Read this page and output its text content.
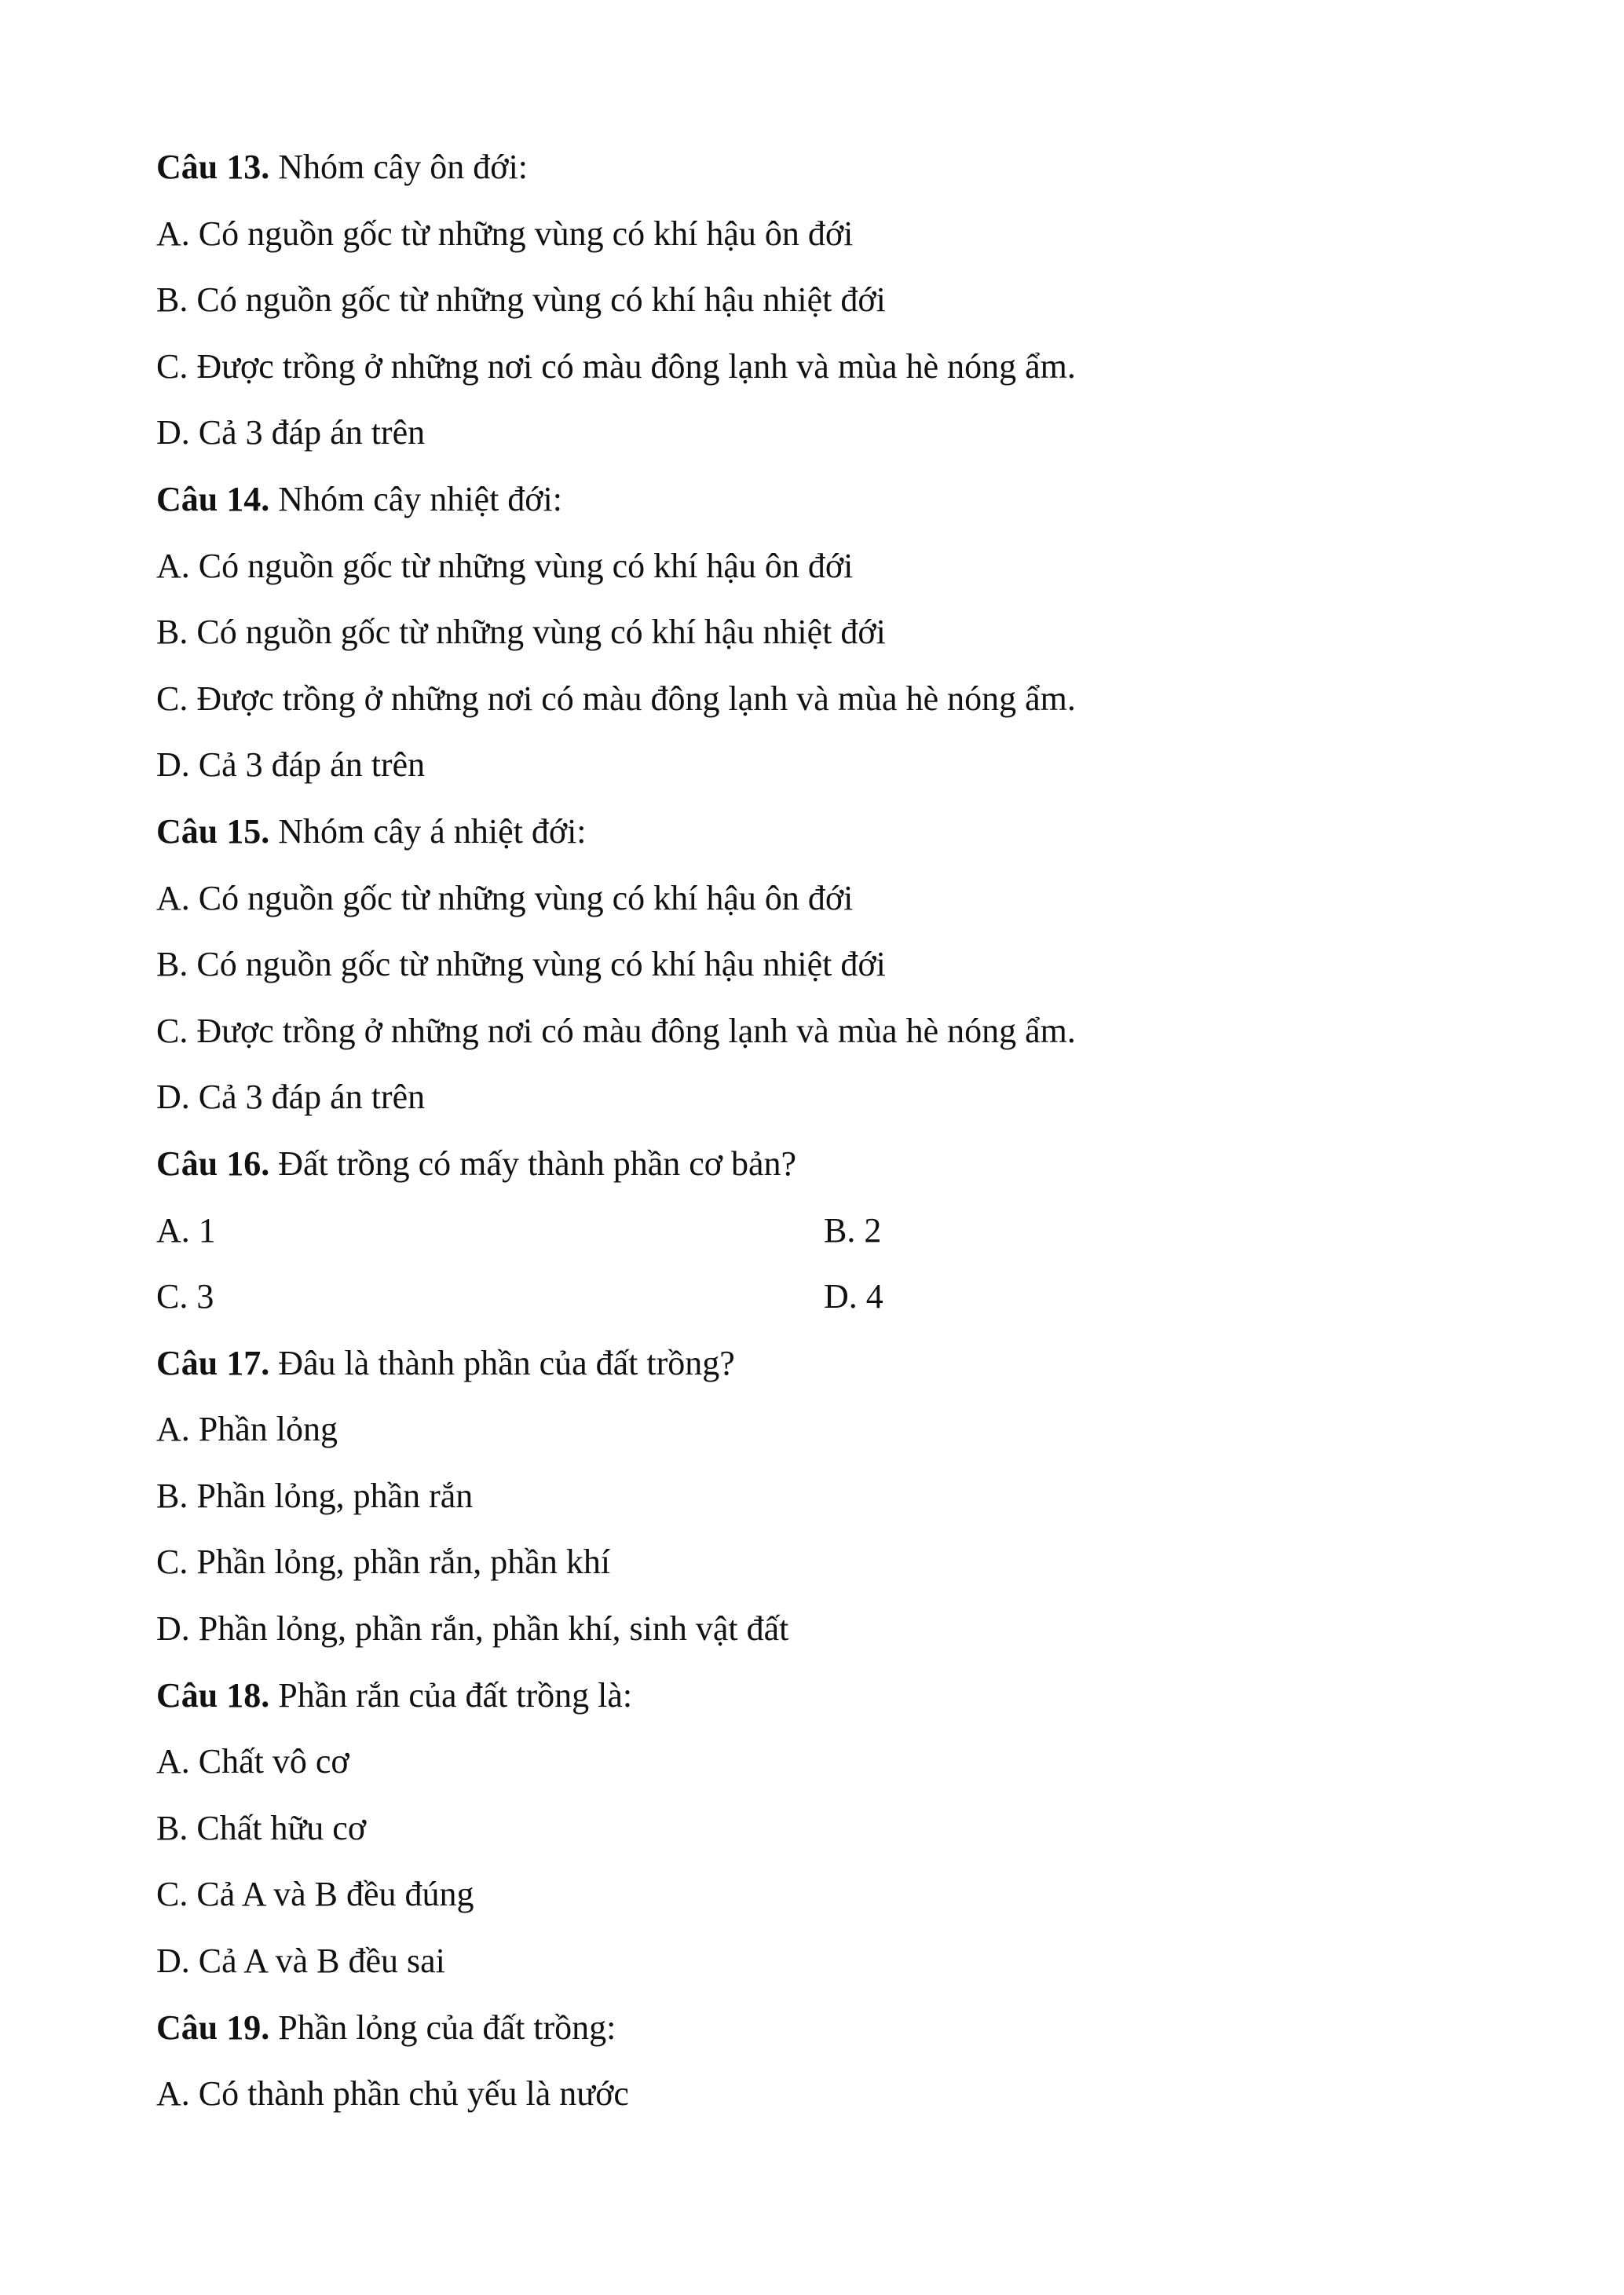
Câu 13. Nhóm cây ôn đới:
A. Có nguồn gốc từ những vùng có khí hậu ôn đới
B. Có nguồn gốc từ những vùng có khí hậu nhiệt đới
C. Được trồng ở những nơi có màu đông lạnh và mùa hè nóng ẩm.
D. Cả 3 đáp án trên
Câu 14. Nhóm cây nhiệt đới:
A. Có nguồn gốc từ những vùng có khí hậu ôn đới
B. Có nguồn gốc từ những vùng có khí hậu nhiệt đới
C. Được trồng ở những nơi có màu đông lạnh và mùa hè nóng ẩm.
D. Cả 3 đáp án trên
Câu 15. Nhóm cây á nhiệt đới:
A. Có nguồn gốc từ những vùng có khí hậu ôn đới
B. Có nguồn gốc từ những vùng có khí hậu nhiệt đới
C. Được trồng ở những nơi có màu đông lạnh và mùa hè nóng ẩm.
D. Cả 3 đáp án trên
Câu 16. Đất trồng có mấy thành phần cơ bản?
A. 1	B. 2
C. 3	D. 4
Câu 17. Đâu là thành phần của đất trồng?
A. Phần lỏng
B. Phần lỏng, phần rắn
C. Phần lỏng, phần rắn, phần khí
D. Phần lỏng, phần rắn, phần khí, sinh vật đất
Câu 18. Phần rắn của đất trồng là:
A. Chất vô cơ
B. Chất hữu cơ
C. Cả A và B đều đúng
D. Cả A và B đều sai
Câu 19. Phần lỏng của đất trồng:
A. Có thành phần chủ yếu là nước
